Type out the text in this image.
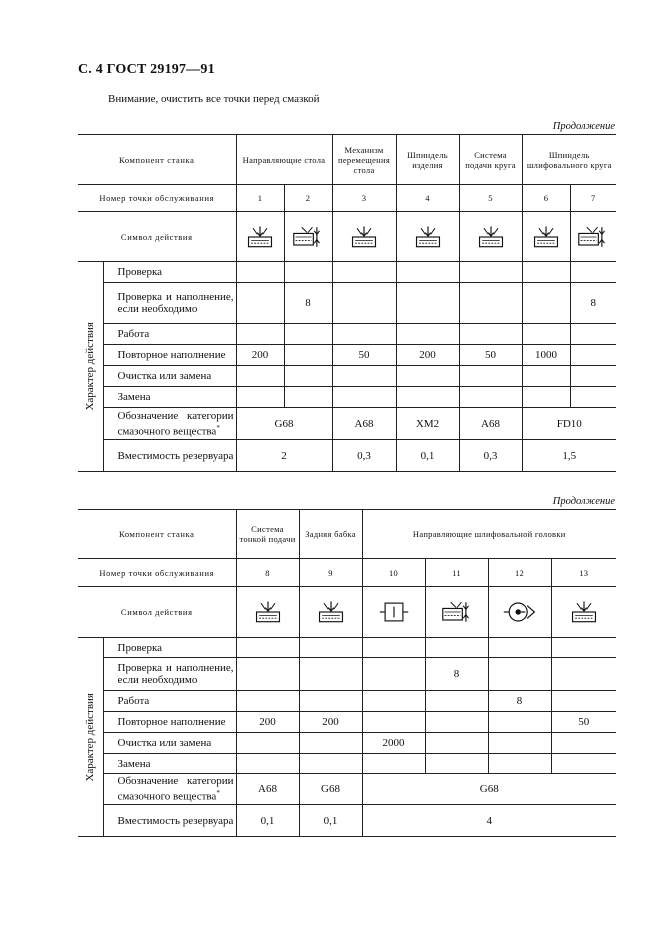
С. 4 ГОСТ 29197—91
Внимание, очистить все точки перед смазкой
Продолжение
Компонент станка		Направляющие стола		Механизм перемещения стола	Шпиндель изделия	Система подачи круга	Шпиндель шлифовального круга	
Номер точки обслуживания		1	2	3	4	5	6	7
Символ действия	

Характер действия	Проверка							
	Проверка и наполнение, если необходимо		8					8
	Работа							
	Повторное наполнение	200		50	200	50	1000	
	Очистка или замена							
	Замена							
	Обозначение категории смазочного вещества*	G68		A68	XM2	A68	FD10	
	Вместимость резервуара	2		0,3	0,1	0,3	1,5	
Продолжение
Компонент станка		Система тонкой подачи	Задняя бабка	Направляющие шлифовальной головки			
Номер точки обслуживания		8	9	10	11	12	13
Символ действия	

Характер действия	Проверка						
	Проверка и наполнение, если необходимо				8		
	Работа					8	
	Повторное наполнение	200	200				50
	Очистка или замена			2000			
	Замена						
	Обозначение категории смазочного вещества*	A68	G68	G68			
	Вместимость резервуара	0,1	0,1	4			
